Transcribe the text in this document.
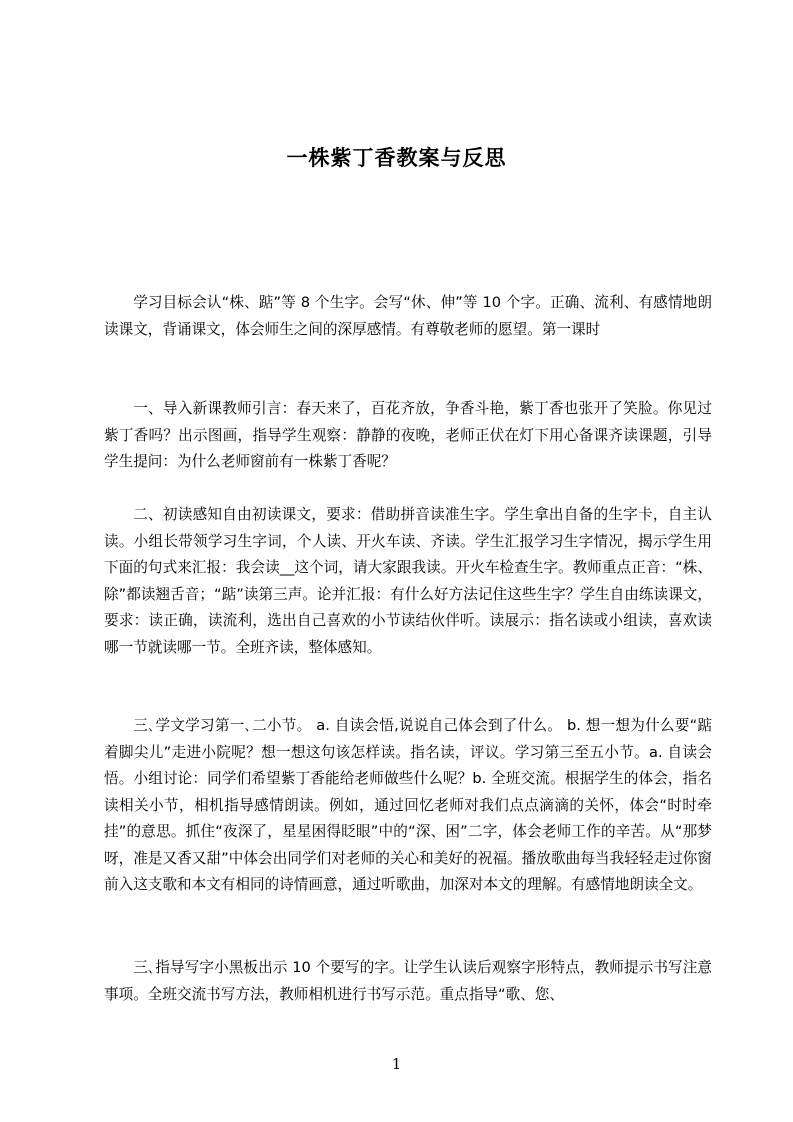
一株紫丁香教案与反思

学习目标会认“株、踮”等 8 个生字。会写“休、伸”等 10 个字。正确、流利、有感情地朗读课文，背诵课文，体会师生之间的深厚感情。有尊敬老师的愿望。第一课时

一、导入新课教师引言：春天来了，百花齐放，争香斗艳，紫丁香也张开了笑脸。你见过紫丁香吗？出示图画，指导学生观察：静静的夜晚，老师正伏在灯下用心备课齐读课题，引导学生提问：为什么老师窗前有一株紫丁香呢？

二、初读感知自由初读课文，要求：借助拼音读准生字。学生拿出自备的生字卡，自主认读。小组长带领学习生字词，个人读、开火车读、齐读。学生汇报学习生字情况，揭示学生用下面的句式来汇报：我会读__这个词，请大家跟我读。开火车检查生字。教师重点正音：“株、除”都读翘舌音；“踮”读第三声。论并汇报：有什么好方法记住这些生字？学生自由练读课文，要求：读正确，读流利，选出自己喜欢的小节读结伙伴听。读展示：指名读或小组读，喜欢读哪一节就读哪一节。全班齐读，整体感知。

三､学文学习第一､二小节。 a. 自读会悟,说说自己体会到了什么。 b. 想一想为什么要“踮着脚尖儿”走进小院呢？想一想这句该怎样读。指名读，评议。学习第三至五小节。a. 自读会悟。小组讨论：同学们希望紫丁香能给老师做些什么呢？b. 全班交流。根据学生的体会，指名读相关小节，相机指导感情朗读。例如，通过回忆老师对我们点点滴滴的关怀，体会“时时牵挂”的意思。抓住“夜深了，星星困得眨眼”中的“深、困”二字，体会老师工作的辛苦。从“那梦呀，准是又香又甜”中体会出同学们对老师的关心和美好的祝福。播放歌曲每当我轻轻走过你窗前入这支歌和本文有相同的诗情画意，通过听歌曲，加深对本文的理解。有感情地朗读全文。

三､指导写字小黑板出示 10 个要写的字。让学生认读后观察字形特点，教师提示书写注意事项。全班交流书写方法，教师相机进行书写示范。重点指导“歌、您、

1
